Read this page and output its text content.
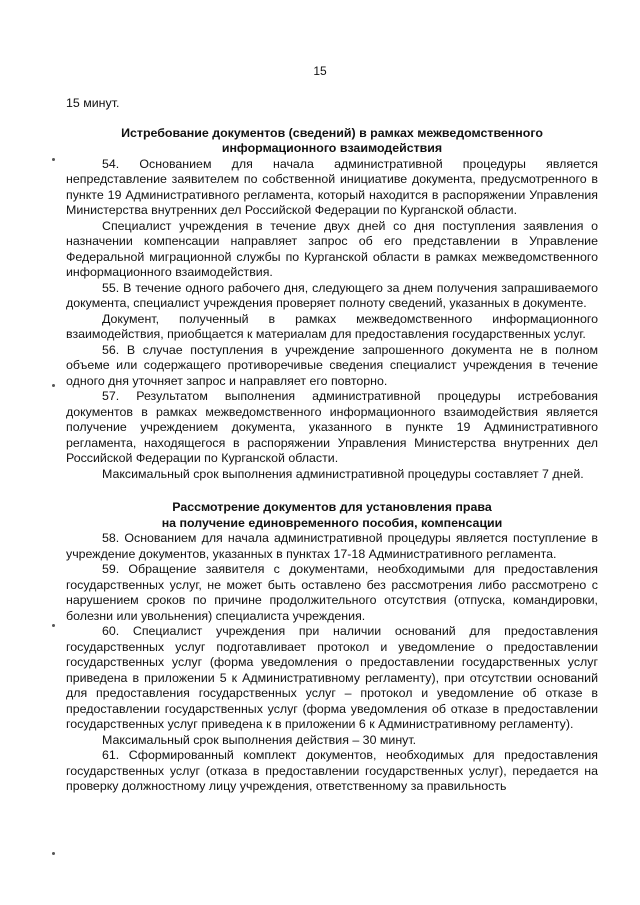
15

15 минут.

Истребование документов (сведений) в рамках межведомственного
информационного взаимодействия

54. Основанием для начала административной процедуры является непредставление заявителем по собственной инициативе документа, предусмотренного в пункте 19 Административного регламента, который находится в распоряжении Управления Министерства внутренних дел Российской Федерации по Курганской области.

Специалист учреждения в течение двух дней со дня поступления заявления о назначении компенсации направляет запрос об его представлении в Управление Федеральной миграционной службы по Курганской области в рамках межведомственного информационного взаимодействия.

55. В течение одного рабочего дня, следующего за днем получения запрашиваемого документа, специалист учреждения проверяет полноту сведений, указанных в документе.

Документ, полученный в рамках межведомственного информационного взаимодействия, приобщается к материалам для предоставления государственных услуг.

56. В случае поступления в учреждение запрошенного документа не в полном объеме или содержащего противоречивые сведения специалист учреждения в течение одного дня уточняет запрос и направляет его повторно.

57. Результатом выполнения административной процедуры истребования документов в рамках межведомственного информационного взаимодействия является получение учреждением документа, указанного в пункте 19 Административного регламента, находящегося в распоряжении Управления Министерства внутренних дел Российской Федерации по Курганской области.

Максимальный срок выполнения административной процедуры составляет 7 дней.

Рассмотрение документов для установления права
на получение единовременного пособия, компенсации

58. Основанием для начала административной процедуры является поступление в учреждение документов, указанных в пунктах 17-18 Административного регламента.

59. Обращение заявителя с документами, необходимыми для предоставления государственных услуг, не может быть оставлено без рассмотрения либо рассмотрено с нарушением сроков по причине продолжительного отсутствия (отпуска, командировки, болезни или увольнения) специалиста учреждения.

60. Специалист учреждения при наличии оснований для предоставления государственных услуг подготавливает протокол и уведомление о предоставлении государственных услуг (форма уведомления о предоставлении государственных услуг приведена в приложении 5 к Административному регламенту), при отсутствии оснований для предоставления государственных услуг – протокол и уведомление об отказе в предоставлении государственных услуг (форма уведомления об отказе в предоставлении государственных услуг приведена к в приложении 6 к Административному регламенту).

Максимальный срок выполнения действия – 30 минут.

61. Сформированный комплект документов, необходимых для предоставления государственных услуг (отказа в предоставлении государственных услуг), передается на проверку должностному лицу учреждения, ответственному за правильность
